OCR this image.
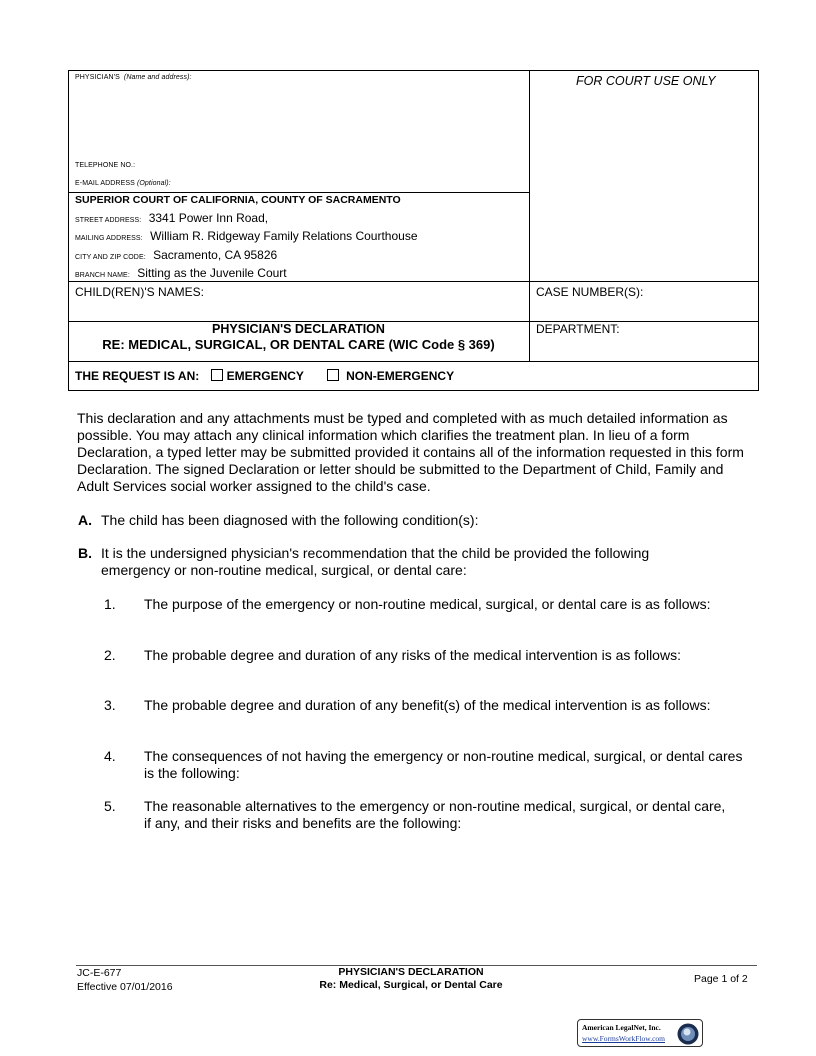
PHYSICIAN'S (Name and address):	FOR COURT USE ONLY
TELEPHONE NO.:
E-MAIL ADDRESS (Optional):
SUPERIOR COURT OF CALIFORNIA, COUNTY OF SACRAMENTO
STREET ADDRESS: 3341 Power Inn Road,
MAILING ADDRESS: William R. Ridgeway Family Relations Courthouse
CITY AND ZIP CODE: Sacramento, CA 95826
BRANCH NAME: Sitting as the Juvenile Court
CHILD(REN)'S NAMES:	CASE NUMBER(S):
PHYSICIAN'S DECLARATION
RE: MEDICAL, SURGICAL, OR DENTAL CARE (WIC Code § 369)
DEPARTMENT:
THE REQUEST IS AN: EMERGENCY	NON-EMERGENCY
This declaration and any attachments must be typed and completed with as much detailed information as possible. You may attach any clinical information which clarifies the treatment plan. In lieu of a form Declaration, a typed letter may be submitted provided it contains all of the information requested in this form Declaration. The signed Declaration or letter should be submitted to the Department of Child, Family and Adult Services social worker assigned to the child's case.
A. The child has been diagnosed with the following condition(s):
B. It is the undersigned physician's recommendation that the child be provided the following emergency or non-routine medical, surgical, or dental care:
1. The purpose of the emergency or non-routine medical, surgical, or dental care is as follows:
2. The probable degree and duration of any risks of the medical intervention is as follows:
3. The probable degree and duration of any benefit(s) of the medical intervention is as follows:
4. The consequences of not having the emergency or non-routine medical, surgical, or dental cares is the following:
5. The reasonable alternatives to the emergency or non-routine medical, surgical, or dental care, if any, and their risks and benefits are the following:
JC-E-677
Effective 07/01/2016
PHYSICIAN'S DECLARATION
Re: Medical, Surgical, or Dental Care	Page 1 of 2
American LegalNet, Inc.
www.FormsWorkFlow.com
